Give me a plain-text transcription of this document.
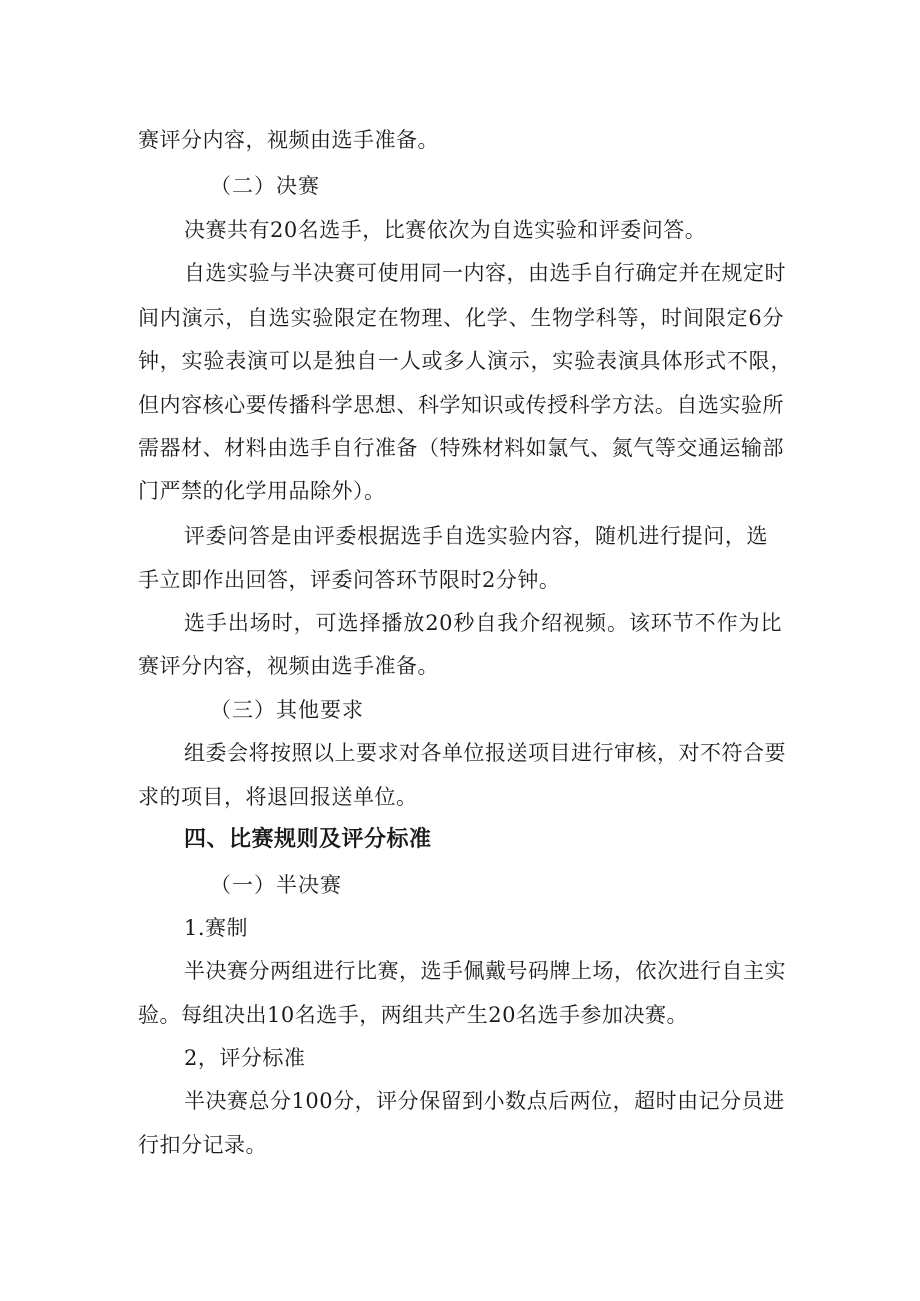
赛评分内容，视频由选手准备。

（二）决赛

决赛共有20名选手，比赛依次为自选实验和评委问答。

自选实验与半决赛可使用同一内容，由选手自行确定并在规定时

间内演示，自选实验限定在物理、化学、生物学科等，时间限定6分

钟，实验表演可以是独自一人或多人演示，实验表演具体形式不限，

但内容核心要传播科学思想、科学知识或传授科学方法。自选实验所

需器材、材料由选手自行准备（特殊材料如氯气、氮气等交通运输部

门严禁的化学用品除外）。

评委问答是由评委根据选手自选实验内容，随机进行提问，选

手立即作出回答，评委问答环节限时2分钟。

选手出场时，可选择播放20秒自我介绍视频。该环节不作为比

赛评分内容，视频由选手准备。

（三）其他要求

组委会将按照以上要求对各单位报送项目进行审核，对不符合要

求的项目，将退回报送单位。

四、比赛规则及评分标准

（一）半决赛

1.赛制

半决赛分两组进行比赛，选手佩戴号码牌上场，依次进行自主实

验。每组决出10名选手，两组共产生20名选手参加决赛。

2，评分标准

半决赛总分100分，评分保留到小数点后两位，超时由记分员进

行扣分记录。
